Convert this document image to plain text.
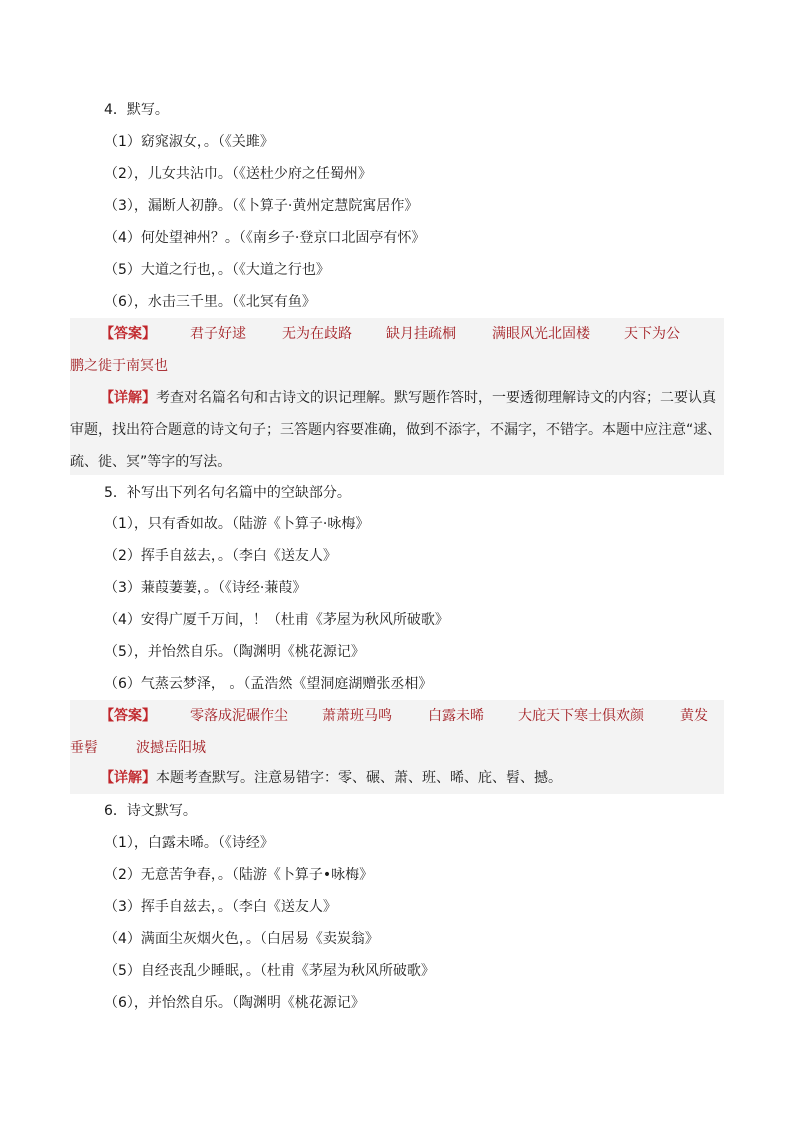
4．默写。
（1）窈窕淑女，。（《关雎》
（2），儿女共沾巾。（《送杜少府之任蜀州》
（3），漏断人初静。（《卜算子·黄州定慧院寓居作》
（4）何处望神州？。（《南乡子·登京口北固亭有怀》
（5）大道之行也，。（《大道之行也》
（6），水击三千里。（《北冥有鱼》
【答案】 君子好逑	无为在歧路 缺月挂疏桐	满眼风光北固楼 天下为公
鹏之徙于南冥也
【详解】考查对名篇名句和古诗文的识记理解。默写题作答时，一要透彻理解诗文的内容；二要认真
审题，找出符合题意的诗文句子；三答题内容要准确，做到不添字，不漏字，不错字。本题中应注意“逑、
疏、徙、冥”等字的写法。
5．补写出下列名句名篇中的空缺部分。
（1），只有香如故。（陆游《卜算子·咏梅》
（2）挥手自兹去，。（李白《送友人》
（3）蒹葭萋萋，。（《诗经·蒹葭》
（4）安得广厦千万间，！（杜甫《茅屋为秋风所破歌》
（5），并怡然自乐。（陶渊明《桃花源记》
（6）气蒸云梦泽， 。（孟浩然《望洞庭湖赠张丞相》
【答案】 零落成泥碾作尘 萧萧班马鸣	白露未晞 大庇天下寒士俱欢颜	黄发
垂髫	波撼岳阳城
【详解】本题考查默写。注意易错字：零、碾、萧、班、晞、庇、髫、撼。
6．诗文默写。
（1），白露未晞。（《诗经》
（2）无意苦争春，。（陆游《卜算子•咏梅》
（3）挥手自兹去，。（李白《送友人》
（4）满面尘灰烟火色，。（白居易《卖炭翁》
（5）自经丧乱少睡眠，。（杜甫《茅屋为秋风所破歌》
（6），并怡然自乐。（陶渊明《桃花源记》
